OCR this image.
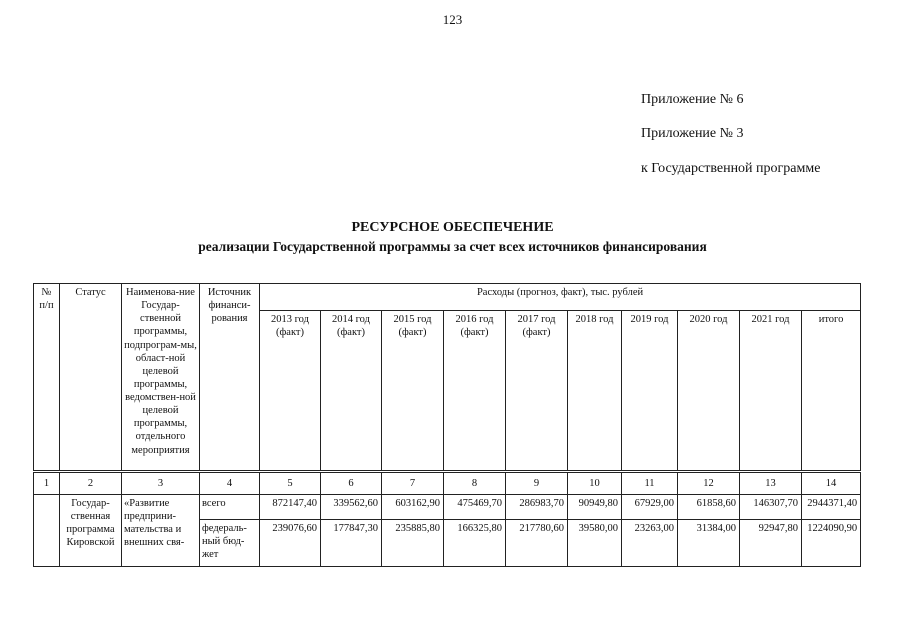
123
Приложение № 6
Приложение № 3
к Государственной программе
РЕСУРСНОЕ ОБЕСПЕЧЕНИЕ
реализации Государственной программы за счет всех источников финансирования
№ п/п	Статус	Наименова-ние Государ-ственной программы, подпрограм-мы, област-ной целевой программы, ведомствен-ной целевой программы, отдельного мероприятия	Источник финанси-рования	Расходы (прогноз, факт), тыс. рублей									
				2013 год (факт)	2014 год (факт)	2015 год (факт)	2016 год (факт)	2017 год (факт)	2018 год	2019 год	2020 год	2021 год	итого
1	2	3	4	5	6	7	8	9	10	11	12	13	14
	Государ-ственная программа Кировской	«Развитие предприни-мательства и внешних свя-	всего	872147,40	339562,60	603162,90	475469,70	286983,70	90949,80	67929,00	61858,60	146307,70	2944371,40
			федераль-ный бюд-жет	239076,60	177847,30	235885,80	166325,80	217780,60	39580,00	23263,00	31384,00	92947,80	1224090,90
